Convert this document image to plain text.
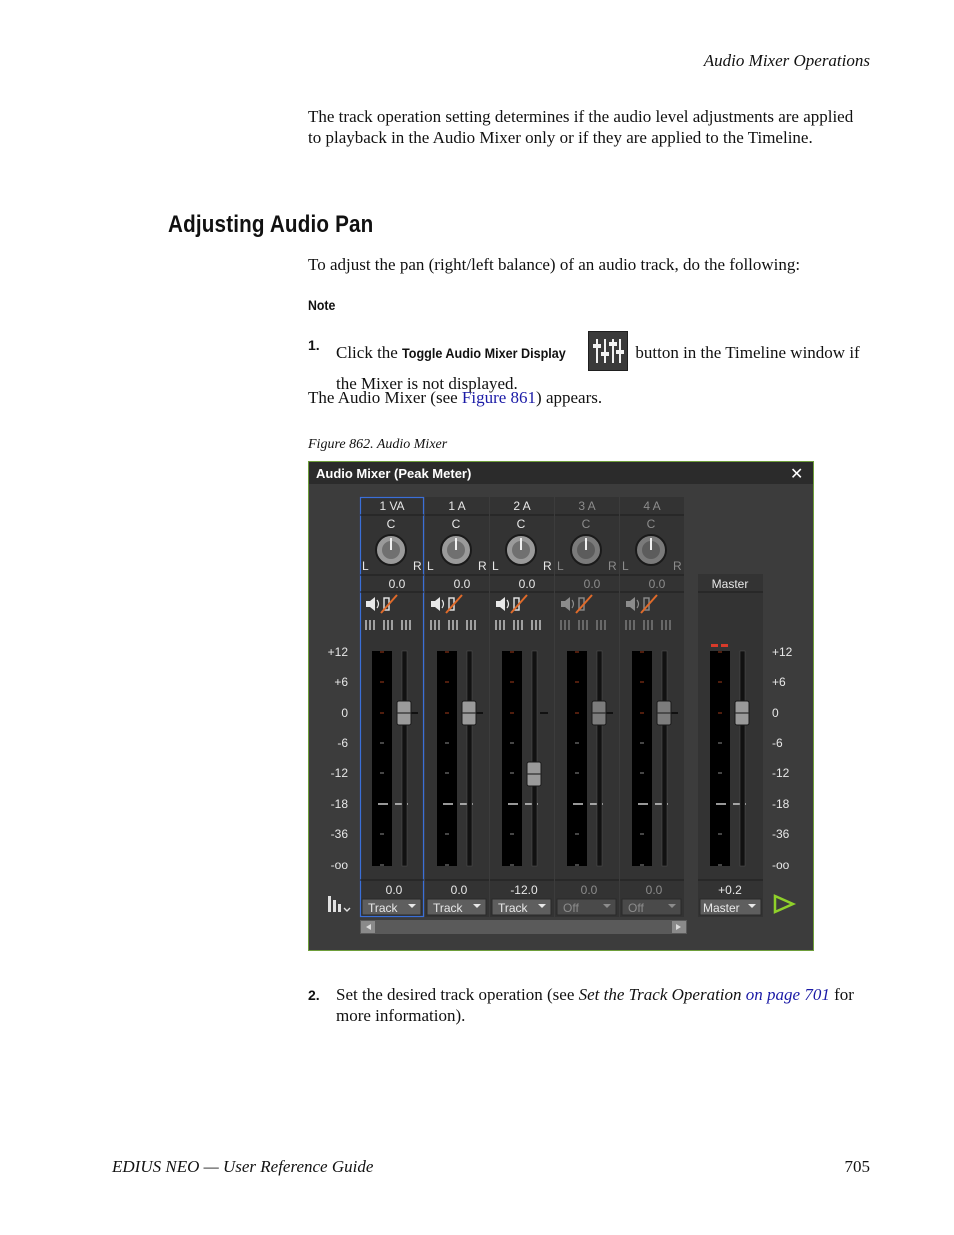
Audio Mixer Operations
The track operation setting determines if the audio level adjustments are applied to playback in the Audio Mixer only or if they are applied to the Timeline.
Adjusting Audio Pan
To adjust the pan (right/left balance) of an audio track, do the following:
Note
1. Click the Toggle Audio Mixer Display	button in the Timeline window if the Mixer is not displayed.
The Audio Mixer (see Figure 861) appears.
Figure 862. Audio Mixer
Audio Mixer (Peak Meter)	✕
1 VA
C
L	R
0.0
0.0
Track
1 A
C
L	R
0.0
0.0
Track
2 A
C
L	R
0.0
-12.0
Track
3 A
C
L	R
0.0
0.0
Off
4 A
C
L	R
0.0
0.0
Off
+12
+6
0
-6
-12
-18
-36
-oo
+12
+6
0
-6
-12
-18
-36
-oo
Master
+0.2
Master
2. Set the desired track operation (see Set the Track Operation on page 701 for more information).
EDIUS NEO — User Reference Guide	705
